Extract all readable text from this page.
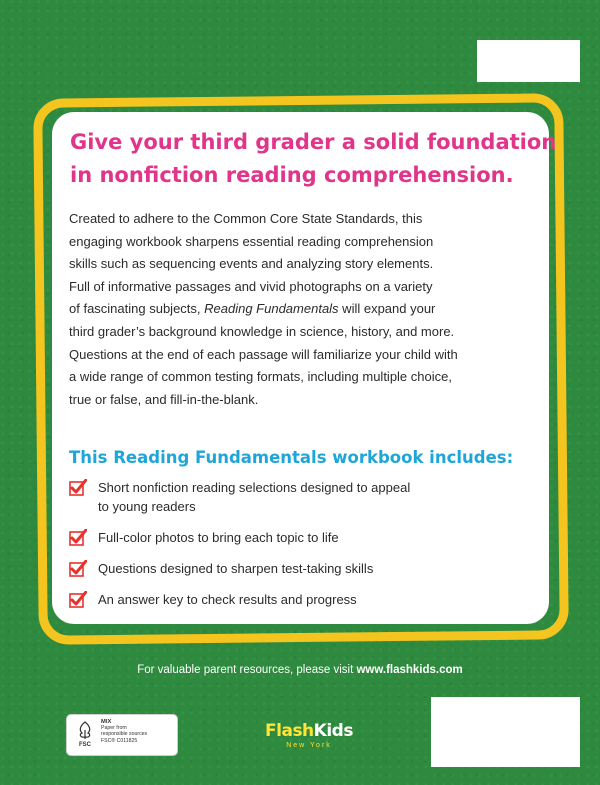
Give your third grader a solid foundation
in nonfiction reading comprehension.
Created to adhere to the Common Core State Standards, this
engaging workbook sharpens essential reading comprehension
skills such as sequencing events and analyzing story elements.
Full of informative passages and vivid photographs on a variety
of fascinating subjects, Reading Fundamentals will expand your
third grader’s background knowledge in science, history, and more.
Questions at the end of each passage will familiarize your child with
a wide range of common testing formats, including multiple choice,
true or false, and fill-in-the-blank.
This Reading Fundamentals workbook includes:
Short nonfiction reading selections designed to appeal
to young readers
Full-color photos to bring each topic to life
Questions designed to sharpen test-taking skills
An answer key to check results and progress
For valuable parent resources, please visit www.flashkids.com
FSC
MIX
Paper from
responsible sources
FSC® C011825	FlashKids
New York
